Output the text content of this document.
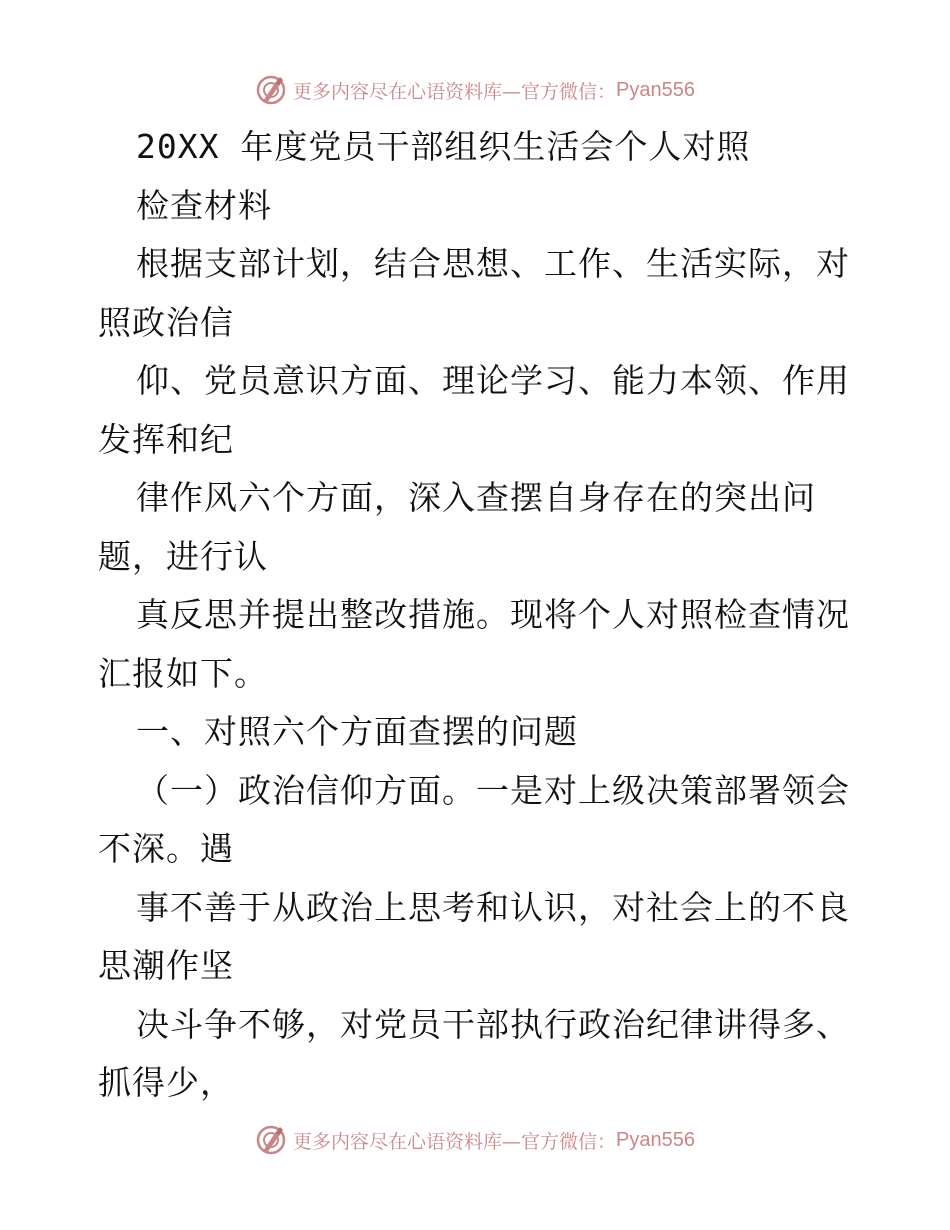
更多内容尽在心语资料库—官方微信： Pyan556
20XX 年度党员干部组织生活会个人对照
检查材料
根据支部计划，结合思想、工作、生活实际，对
照政治信
仰、党员意识方面、理论学习、能力本领、作用
发挥和纪
律作风六个方面，深入查摆自身存在的突出问
题，进行认
真反思并提出整改措施。现将个人对照检查情况
汇报如下。
一、对照六个方面查摆的问题
（一）政治信仰方面。一是对上级决策部署领会
不深。遇
事不善于从政治上思考和认识，对社会上的不良
思潮作坚
决斗争不够，对党员干部执行政治纪律讲得多、
抓得少，
更多内容尽在心语资料库—官方微信： Pyan556
